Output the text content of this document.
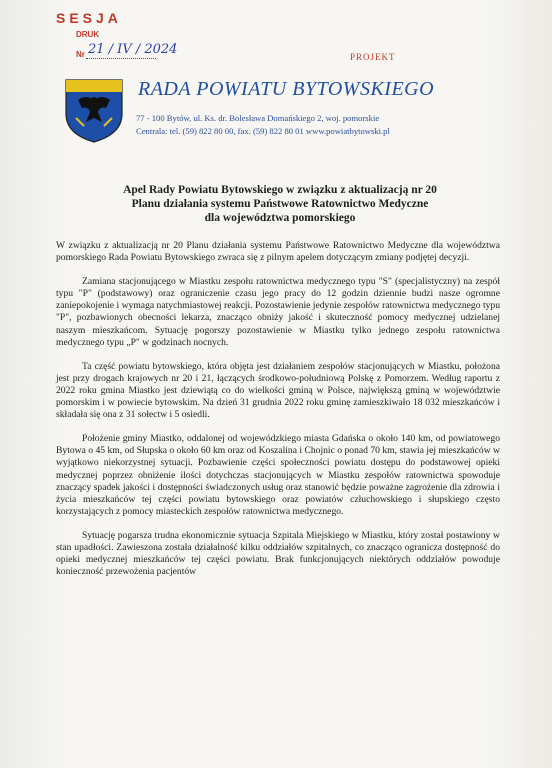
SESJA
DRUK
Nr 21 / IV / 2024	PROJEKT
RADA POWIATU BYTOWSKIEGO
77 - 100 Bytów, ul. Ks. dr. Bolesława Domańskiego 2, woj. pomorskie
Centrala: tel. (59) 822 80 00, fax. (59) 822 80 01 www.powiatbytowski.pl
Apel Rady Powiatu Bytowskiego w związku z aktualizacją nr 20
Planu działania systemu Państwowe Ratownictwo Medyczne
dla województwa pomorskiego

W związku z aktualizacją nr 20 Planu działania systemu Państwowe Ratownictwo Medyczne dla województwa pomorskiego Rada Powiatu Bytowskiego zwraca się z pilnym apelem dotyczącym zmiany podjętej decyzji.

Zamiana stacjonującego w Miastku zespołu ratownictwa medycznego typu "S" (specjalistyczny) na zespół typu "P" (podstawowy) oraz ograniczenie czasu jego pracy do 12 godzin dziennie budzi nasze ogromne zaniepokojenie i wymaga natychmiastowej reakcji. Pozostawienie jedynie zespołów ratownictwa medycznego typu "P", pozbawionych obecności lekarza, znacząco obniży jakość i skuteczność pomocy medycznej udzielanej naszym mieszkańcom. Sytuację pogorszy pozostawienie w Miastku tylko jednego zespołu ratownictwa medycznego typu „P" w godzinach nocnych.

Ta część powiatu bytowskiego, która objęta jest działaniem zespołów stacjonujących w Miastku, położona jest przy drogach krajowych nr 20 i 21, łączących środkowo-południową Polskę z Pomorzem. Według raportu z 2022 roku gmina Miastko jest dziewiątą co do wielkości gminą w Polsce, największą gminą w województwie pomorskim i w powiecie bytowskim. Na dzień 31 grudnia 2022 roku gminę zamieszkiwało 18 032 mieszkańców i składała się ona z 31 sołectw i 5 osiedli.

Położenie gminy Miastko, oddalonej od wojewódzkiego miasta Gdańska o około 140 km, od powiatowego Bytowa o 45 km, od Słupska o około 60 km oraz od Koszalina i Chojnic o ponad 70 km, stawia jej mieszkańców w wyjątkowo niekorzystnej sytuacji. Pozbawienie części społeczności powiatu dostępu do podstawowej opieki medycznej poprzez obniżenie ilości dotychczas stacjonujących w Miastku zespołów ratownictwa spowoduje znaczący spadek jakości i dostępności świadczonych usług oraz stanowić będzie poważne zagrożenie dla zdrowia i życia mieszkańców tej części powiatu bytowskiego oraz powiatów człuchowskiego i słupskiego często korzystających z pomocy miasteckich zespołów ratownictwa medycznego.

Sytuację pogarsza trudna ekonomicznie sytuacja Szpitala Miejskiego w Miastku, który został postawiony w stan upadłości. Zawieszona została działalność kilku oddziałów szpitalnych, co znacząco ogranicza dostępność do opieki medycznej mieszkańców tej części powiatu. Brak funkcjonujących niektórych oddziałów powoduje konieczność przewożenia pacjentów
